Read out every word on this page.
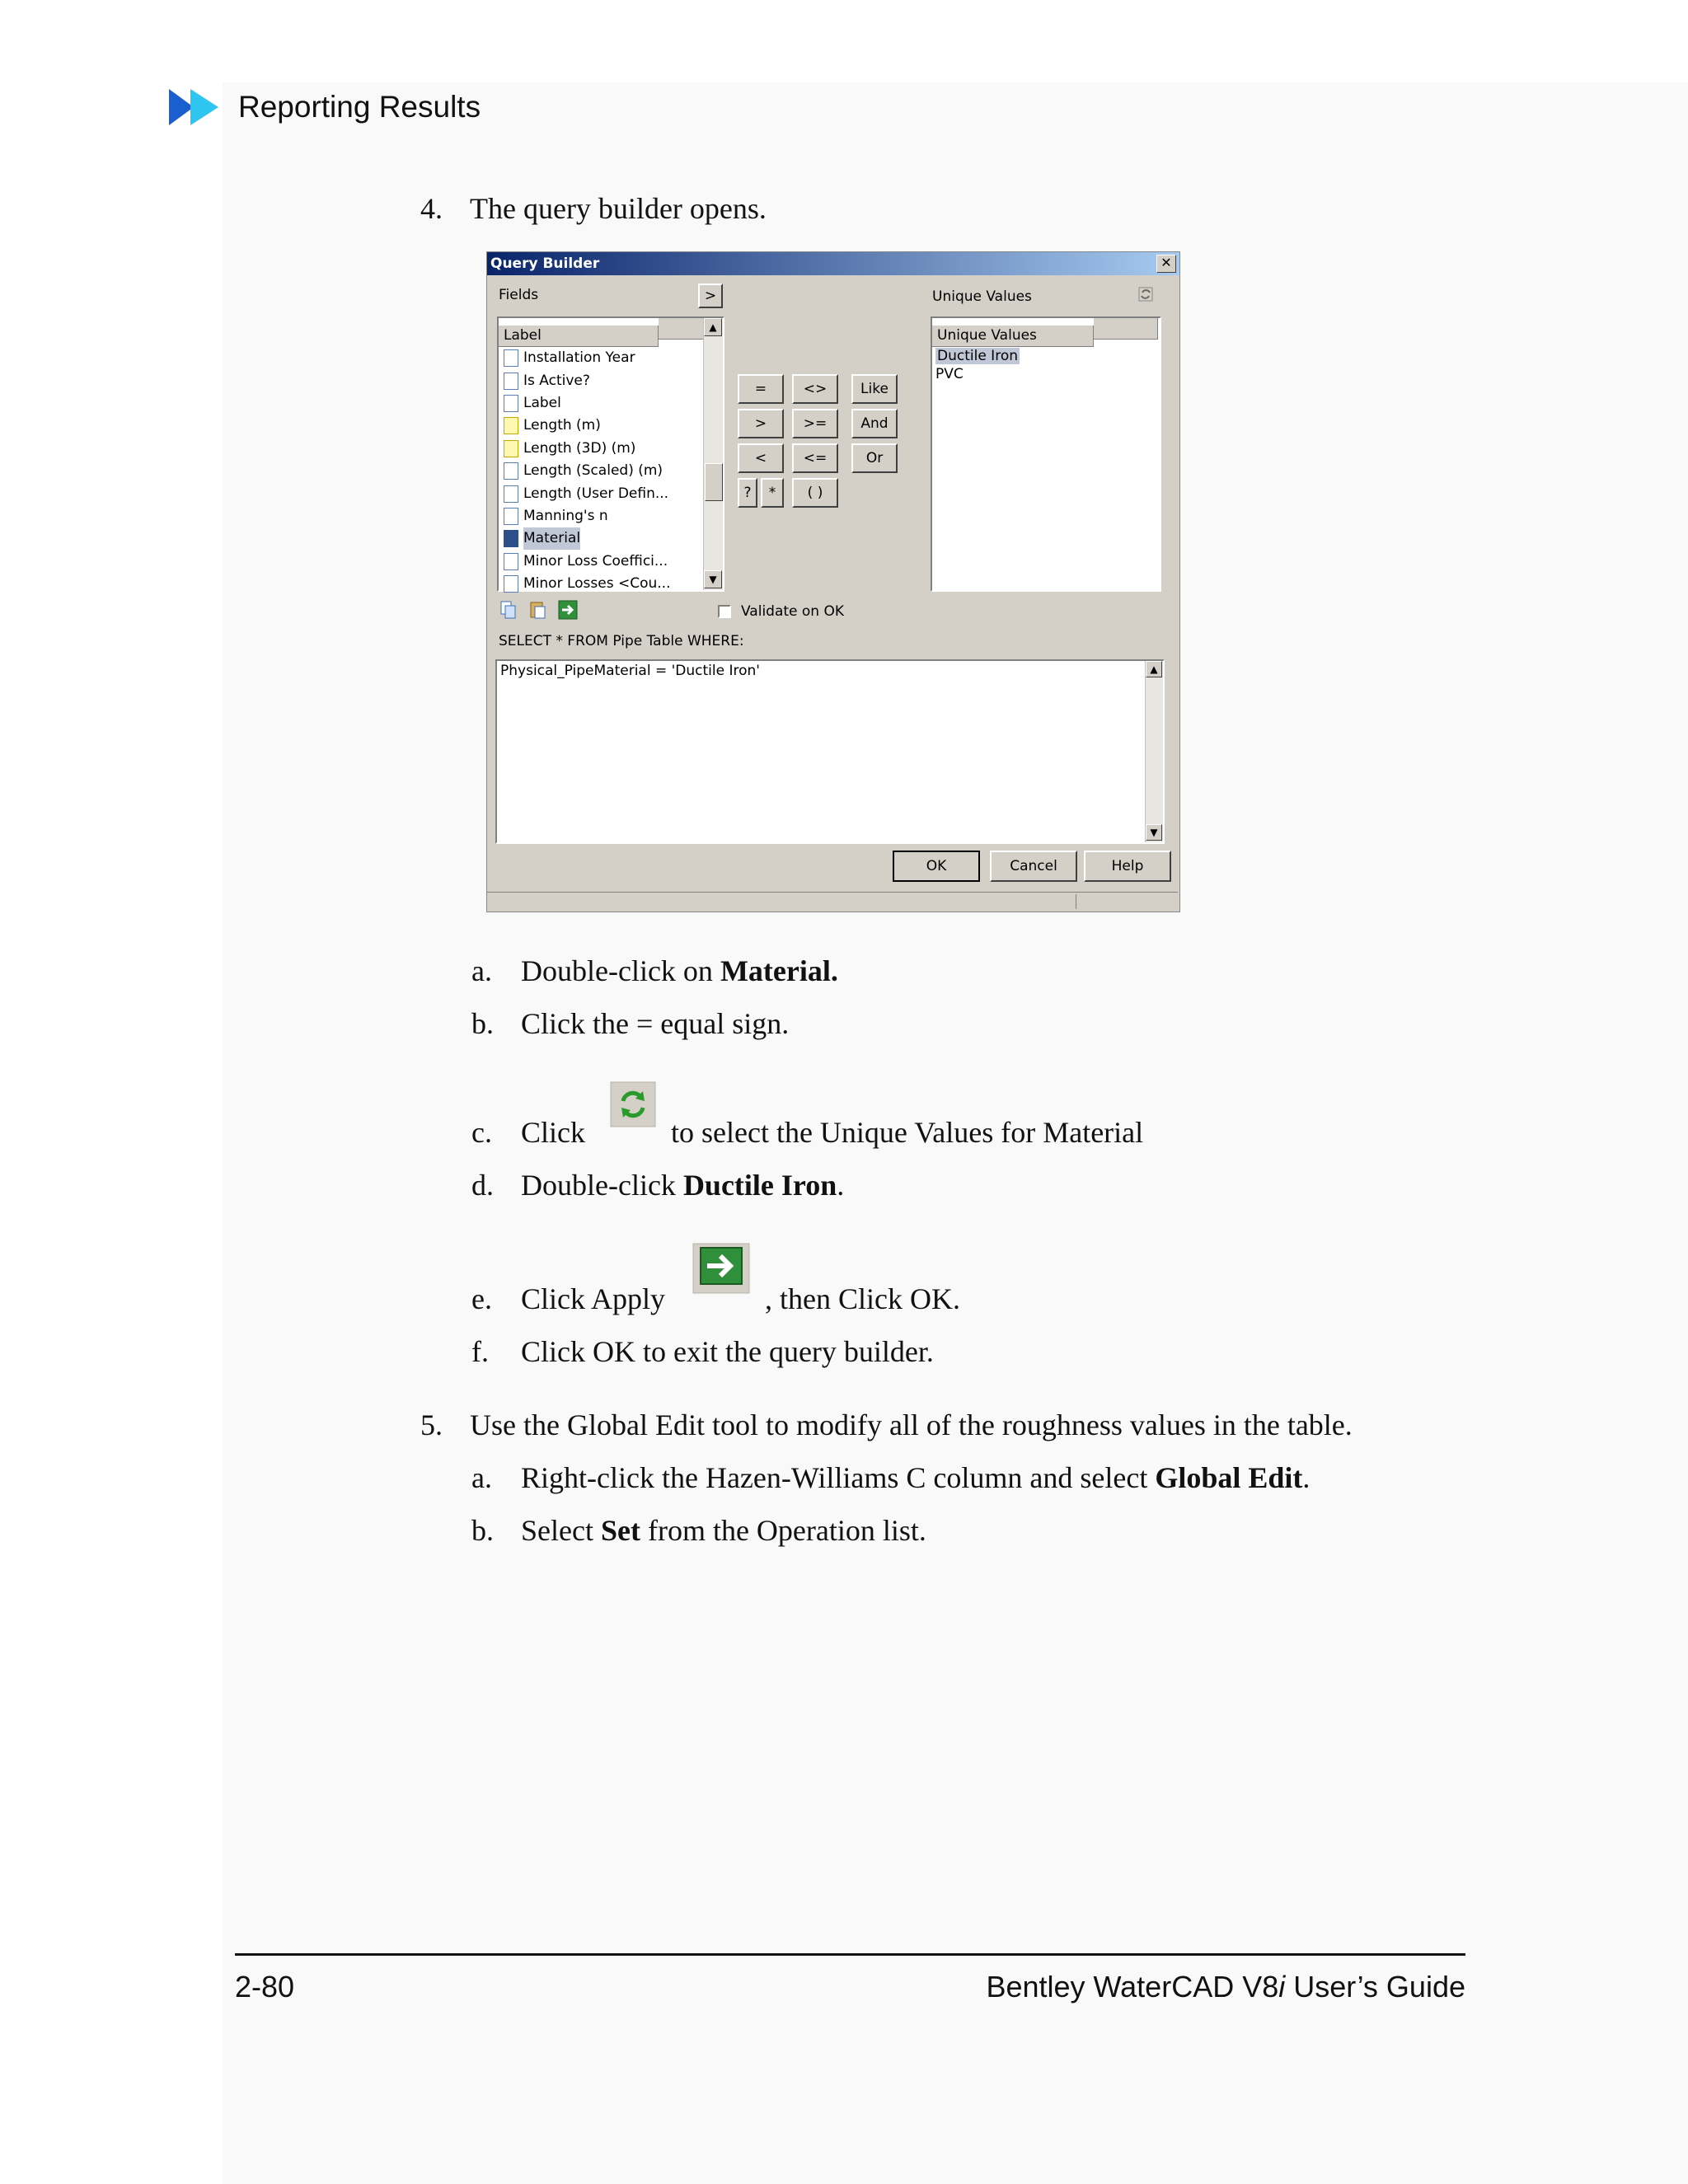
Reporting Results
4. The query builder opens.
Query Builder	✕
Fields	>	Unique Values
Label
Installation Year
Is Active?
Label
Length (m)
Length (3D) (m)
Length (Scaled) (m)
Length (User Defin...
Manning's n
Material
Minor Loss Coeffici...
Minor Losses <Cou...
▲
▼
=	<>	Like
>	>=	And
<	<=	Or
?	*	( )
Unique Values
Ductile Iron
PVC
Validate on OK
SELECT * FROM Pipe Table WHERE:
Physical_PipeMaterial = 'Ductile Iron'	▲
▼
OK	Cancel	Help
a. Double-click on Material.
b. Click the = equal sign.
c. Click	to select the Unique Values for Material
d. Double-click Ductile Iron.
e. Click Apply	, then Click OK.
f. Click OK to exit the query builder.
5. Use the Global Edit tool to modify all of the roughness values in the table.
a. Right-click the Hazen-Williams C column and select Global Edit.
b. Select Set from the Operation list.
2-80	Bentley WaterCAD V8i User’s Guide
